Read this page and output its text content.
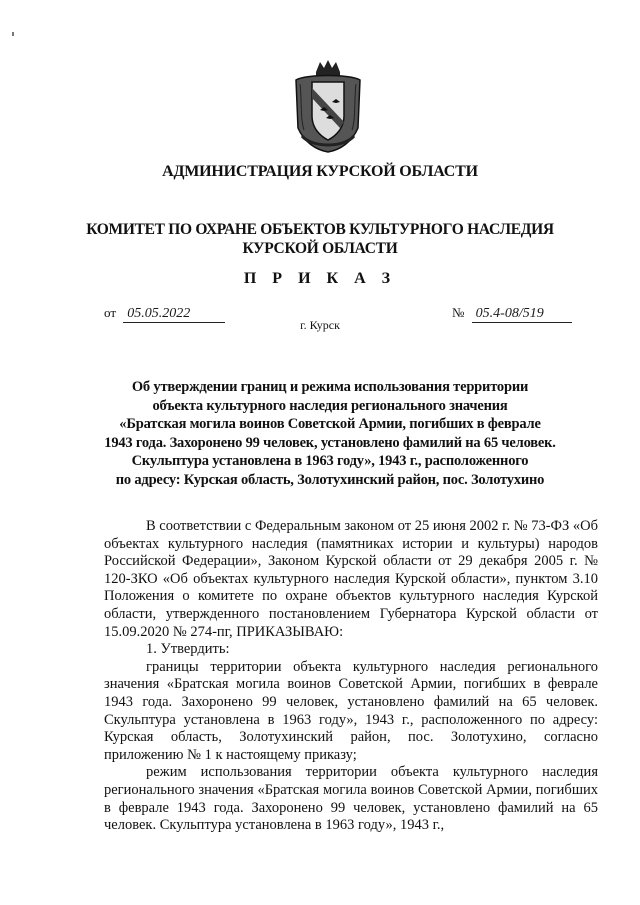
АДМИНИСТРАЦИЯ КУРСКОЙ ОБЛАСТИ
КОМИТЕТ ПО ОХРАНЕ ОБЪЕКТОВ КУЛЬТУРНОГО НАСЛЕДИЯ
КУРСКОЙ ОБЛАСТИ
П Р И К А З
от 05.05.2022	№ 05.4-08/519
г. Курск
Об утверждении границ и режима использования территории
объекта культурного наследия регионального значения
«Братская могила воинов Советской Армии, погибших в феврале
1943 года. Захоронено 99 человек, установлено фамилий на 65 человек.
Скульптура установлена в 1963 году», 1943 г., расположенного
по адресу: Курская область, Золотухинский район, пос. Золотухино

В соответствии с Федеральным законом от 25 июня 2002 г. № 73-ФЗ «Об объектах культурного наследия (памятниках истории и культуры) народов Российской Федерации», Законом Курской области от 29 декабря 2005 г. № 120-ЗКО «Об объектах культурного наследия Курской области», пунктом 3.10 Положения о комитете по охране объектов культурного наследия Курской области, утвержденного постановлением Губернатора Курской области от 15.09.2020 № 274-пг, ПРИКАЗЫВАЮ:

1. Утвердить:

границы территории объекта культурного наследия регионального значения «Братская могила воинов Советской Армии, погибших в феврале 1943 года. Захоронено 99 человек, установлено фамилий на 65 человек. Скульптура установлена в 1963 году», 1943 г., расположенного по адресу: Курская область, Золотухинский район, пос. Золотухино, согласно приложению № 1 к настоящему приказу;

режим использования территории объекта культурного наследия регионального значения «Братская могила воинов Советской Армии, погибших в феврале 1943 года. Захоронено 99 человек, установлено фамилий на 65 человек. Скульптура установлена в 1963 году», 1943 г.,
